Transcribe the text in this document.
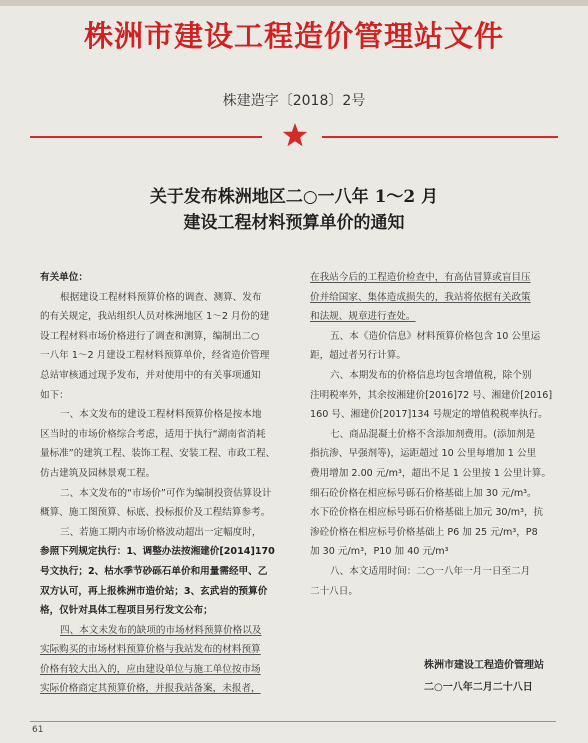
株洲市建设工程造价管理站文件
株建造字〔2018〕2号
关于发布株洲地区二○一八年 1～2 月
建设工程材料预算单价的通知
有关单位：
根据建设工程材料预算价格的调查、测算、发布
的有关规定，我站组织人员对株洲地区 1～2 月份的建
设工程材料市场价格进行了调查和测算，编制出二○
一八年 1～2 月建设工程材料预算单价，经省造价管理
总站审核通过现予发布，并对使用中的有关事项通知
如下：
一、本文发布的建设工程材料预算价格是按本地
区当时的市场价格综合考虑，适用于执行“湖南省消耗
量标准”的建筑工程、装饰工程、安装工程、市政工程、
仿古建筑及园林景观工程。
二、本文发布的“市场价”可作为编制投资估算设计
概算、施工图预算、标底、投标报价及工程结算参考。
三、若施工期内市场价格波动超出一定幅度时，
参照下列规定执行：1、调整办法按湘建价[2014]170
号文执行；2、枯水季节砂砾石单价和用量需经甲、乙
双方认可，再上报株洲市造价站；3、玄武岩的预算价
格，仅针对具体工程项目另行发文公布；
四、本文未发布的缺项的市场材料预算价格以及
实际购买的市场材料预算价格与我站发布的材料预算
价格有较大出入的，应由建设单位与施工单位按市场
实际价格商定其预算价格，并报我站备案，未报者，
在我站今后的工程造价检查中，有高估冒算或盲目压
价并给国家、集体造成损失的，我站将依据有关政策
和法规、规章进行查处。
五、本《造价信息》材料预算价格包含 10 公里运
距，超过者另行计算。
六、本期发布的价格信息均包含增值税，除个别
注明税率外，其余按湘建价[2016]72 号、湘建价[2016]
160 号、湘建价[2017]134 号规定的增值税税率执行。
七、商品混凝土价格不含添加剂费用。(添加剂是
指抗渗、早强剂等)，运距超过 10 公里每增加 1 公里
费用增加 2.00 元/m³，超出不足 1 公里按 1 公里计算。
细石砼价格在相应标号砾石价格基础上加 30 元/m³。
水下砼价格在相应标号砾石价格基础上加元 30/m³，抗
渗砼价格在相应标号价格基础上 P6 加 25 元/m³，P8
加 30 元/m³，P10 加 40 元/m³
八、本文适用时间：二○一八年一月一日至二月
二十八日。
株洲市建设工程造价管理站
二○一八年二月二十八日
61
